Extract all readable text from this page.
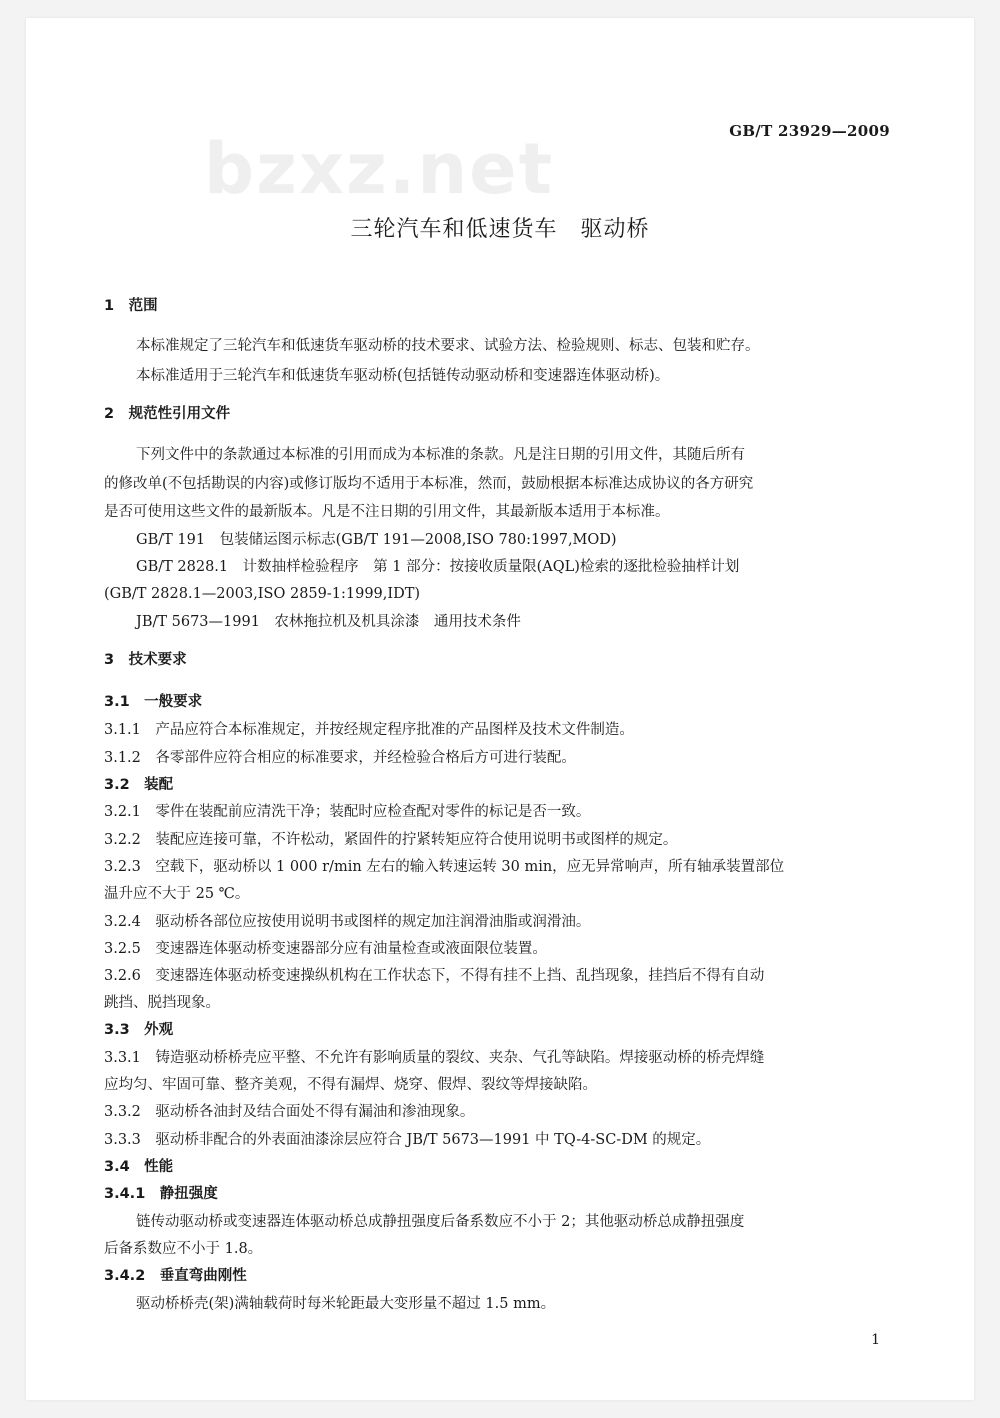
bzxz.net	GB/T 23929—2009
三轮汽车和低速货车　驱动桥
1　范围
本标准规定了三轮汽车和低速货车驱动桥的技术要求、试验方法、检验规则、标志、包装和贮存。
本标准适用于三轮汽车和低速货车驱动桥(包括链传动驱动桥和变速器连体驱动桥)。
2　规范性引用文件
下列文件中的条款通过本标准的引用而成为本标准的条款。凡是注日期的引用文件，其随后所有
的修改单(不包括勘误的内容)或修订版均不适用于本标准，然而，鼓励根据本标准达成协议的各方研究
是否可使用这些文件的最新版本。凡是不注日期的引用文件，其最新版本适用于本标准。
GB/T 191　包装储运图示标志(GB/T 191—2008,ISO 780:1997,MOD)
GB/T 2828.1　计数抽样检验程序　第 1 部分：按接收质量限(AQL)检索的逐批检验抽样计划
(GB/T 2828.1—2003,ISO 2859-1:1999,IDT)
JB/T 5673—1991　农林拖拉机及机具涂漆　通用技术条件
3　技术要求
3.1　一般要求
3.1.1　产品应符合本标准规定，并按经规定程序批准的产品图样及技术文件制造。
3.1.2　各零部件应符合相应的标准要求，并经检验合格后方可进行装配。
3.2　装配
3.2.1　零件在装配前应清洗干净；装配时应检查配对零件的标记是否一致。
3.2.2　装配应连接可靠，不许松动，紧固件的拧紧转矩应符合使用说明书或图样的规定。
3.2.3　空载下，驱动桥以 1 000 r/min 左右的输入转速运转 30 min，应无异常响声，所有轴承装置部位
温升应不大于 25 ℃。
3.2.4　驱动桥各部位应按使用说明书或图样的规定加注润滑油脂或润滑油。
3.2.5　变速器连体驱动桥变速器部分应有油量检查或液面限位装置。
3.2.6　变速器连体驱动桥变速操纵机构在工作状态下，不得有挂不上挡、乱挡现象，挂挡后不得有自动
跳挡、脱挡现象。
3.3　外观
3.3.1　铸造驱动桥桥壳应平整、不允许有影响质量的裂纹、夹杂、气孔等缺陷。焊接驱动桥的桥壳焊缝
应均匀、牢固可靠、整齐美观，不得有漏焊、烧穿、假焊、裂纹等焊接缺陷。
3.3.2　驱动桥各油封及结合面处不得有漏油和渗油现象。
3.3.3　驱动桥非配合的外表面油漆涂层应符合 JB/T 5673—1991 中 TQ-4-SC-DM 的规定。
3.4　性能
3.4.1　静扭强度
链传动驱动桥或变速器连体驱动桥总成静扭强度后备系数应不小于 2；其他驱动桥总成静扭强度
后备系数应不小于 1.8。
3.4.2　垂直弯曲刚性
驱动桥桥壳(架)满轴载荷时每米轮距最大变形量不超过 1.5 mm。
1
